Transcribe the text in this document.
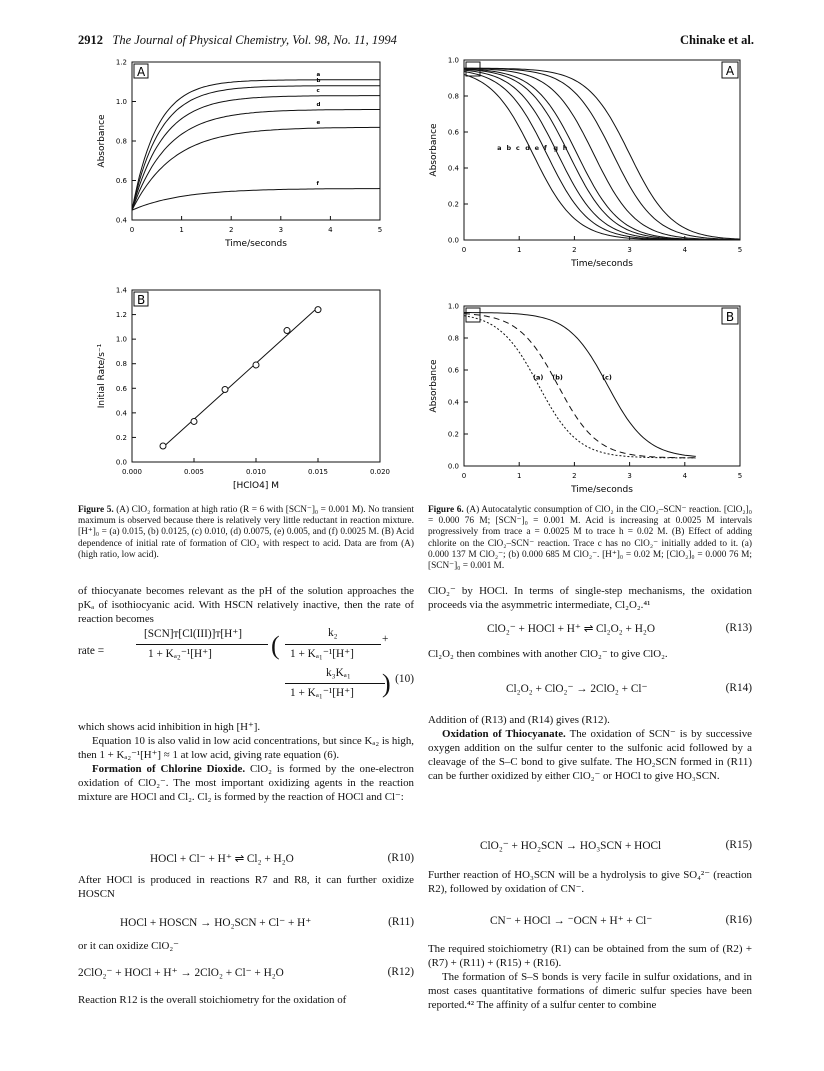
2912 The Journal of Physical Chemistry, Vol. 98, No. 11, 1994	Chinake et al.
0	1	2	3	4	5
0.4
0.6
0.8
1.0
1.2
Time/seconds
Absorbance
A	a
b
c
d
e
f
0.000	0.005	0.010	0.015	0.020
0.0
0.2
0.4
0.6
0.8
1.0
1.2
1.4
[HClO4] M
Initial Rate/s⁻¹
B
0	1	2	3	4	5
0.0
0.2
0.4
0.6
0.8
1.0
Time/seconds
Absorbance
A
a b c d e f g h
0	1	2	3	4	5
0.0
0.2
0.4
0.6
0.8
1.0
Time/seconds
Absorbance
B
(a) (b)	(c)
Figure 5. (A) ClO₂ formation at high ratio (R = 6 with [SCN⁻]₀ = 0.001 M). No transient maximum is observed because there is relatively very little reductant in reaction mixture. [H⁺]₀ = (a) 0.015, (b) 0.0125, (c) 0.010, (d) 0.0075, (e) 0.005, and (f) 0.0025 M. (B) Acid dependence of initial rate of formation of ClO₂ with respect to acid. Data are from (A) (high ratio, low acid).
Figure 6. (A) Autocatalytic consumption of ClO₂ in the ClO₂–SCN⁻ reaction. [ClO₂]₀ = 0.000 76 M; [SCN⁻]₀ = 0.001 M. Acid is increasing at 0.0025 M intervals progressively from trace a = 0.0025 M to trace h = 0.02 M. (B) Effect of adding chlorite on the ClO₂–SCN⁻ reaction. Trace c has no ClO₂⁻ initially added to it. (a) 0.000 137 M ClO₂⁻; (b) 0.000 685 M ClO₂⁻. [H⁺]₀ = 0.02 M; [ClO₂]₀ = 0.000 76 M; [SCN⁻]₀ = 0.001 M.

of thiocyanate becomes relevant as the pH of the solution approaches the pKₐ of isothiocyanic acid. With HSCN relatively inactive, then the rate of reaction becomes

rate =
[SCN]ᴛ[Cl(III)]ᴛ[H⁺]
1 + Kₐ₂⁻¹[H⁺] (	k₂
1 + Kₐ₁⁻¹[H⁺]
+
k₃Kₐ₁
1 + Kₐ₁⁻¹[H⁺] ) (10)

which shows acid inhibition in high [H⁺].

Equation 10 is also valid in low acid concentrations, but since Kₐ₂ is high, then 1 + Kₐ₂⁻¹[H⁺] ≈ 1 at low acid, giving rate equation (6).

Formation of Chlorine Dioxide. ClO₂ is formed by the one-electron oxidation of ClO₂⁻. The most important oxidizing agents in the reaction mixture are HOCl and Cl₂. Cl₂ is formed by the reaction of HOCl and Cl⁻:

HOCl + Cl⁻ + H⁺ ⇌ Cl₂ + H₂O	(R10)

After HOCl is produced in reactions R7 and R8, it can further oxidize HOSCN

HOCl + HOSCN → HO₂SCN + Cl⁻ + H⁺	(R11)

or it can oxidize ClO₂⁻

2ClO₂⁻ + HOCl + H⁺ → 2ClO₂ + Cl⁻ + H₂O	(R12)

Reaction R12 is the overall stoichiometry for the oxidation of

ClO₂⁻ by HOCl. In terms of single-step mechanisms, the oxidation proceeds via the asymmetric intermediate, Cl₂O₂.⁴¹

ClO₂⁻ + HOCl + H⁺ ⇌ Cl₂O₂ + H₂O	(R13)

Cl₂O₂ then combines with another ClO₂⁻ to give ClO₂.

Cl₂O₂ + ClO₂⁻ → 2ClO₂ + Cl⁻	(R14)

Addition of (R13) and (R14) gives (R12).

Oxidation of Thiocyanate. The oxidation of SCN⁻ is by successive oxygen addition on the sulfur center to the sulfonic acid followed by a cleavage of the S–C bond to give sulfate. The HO₂SCN formed in (R11) can be further oxidized by either ClO₂⁻ or HOCl to give HO₃SCN.

ClO₂⁻ + HO₂SCN → HO₃SCN + HOCl	(R15)

Further reaction of HO₃SCN will be a hydrolysis to give SO₄²⁻ (reaction R2), followed by oxidation of CN⁻.

CN⁻ + HOCl → ⁻OCN + H⁺ + Cl⁻	(R16)

The required stoichiometry (R1) can be obtained from the sum of (R2) + (R7) + (R11) + (R15) + (R16).

The formation of S–S bonds is very facile in sulfur oxidations, and in most cases quantitative formations of dimeric sulfur species have been reported.⁴² The affinity of a sulfur center to combine
